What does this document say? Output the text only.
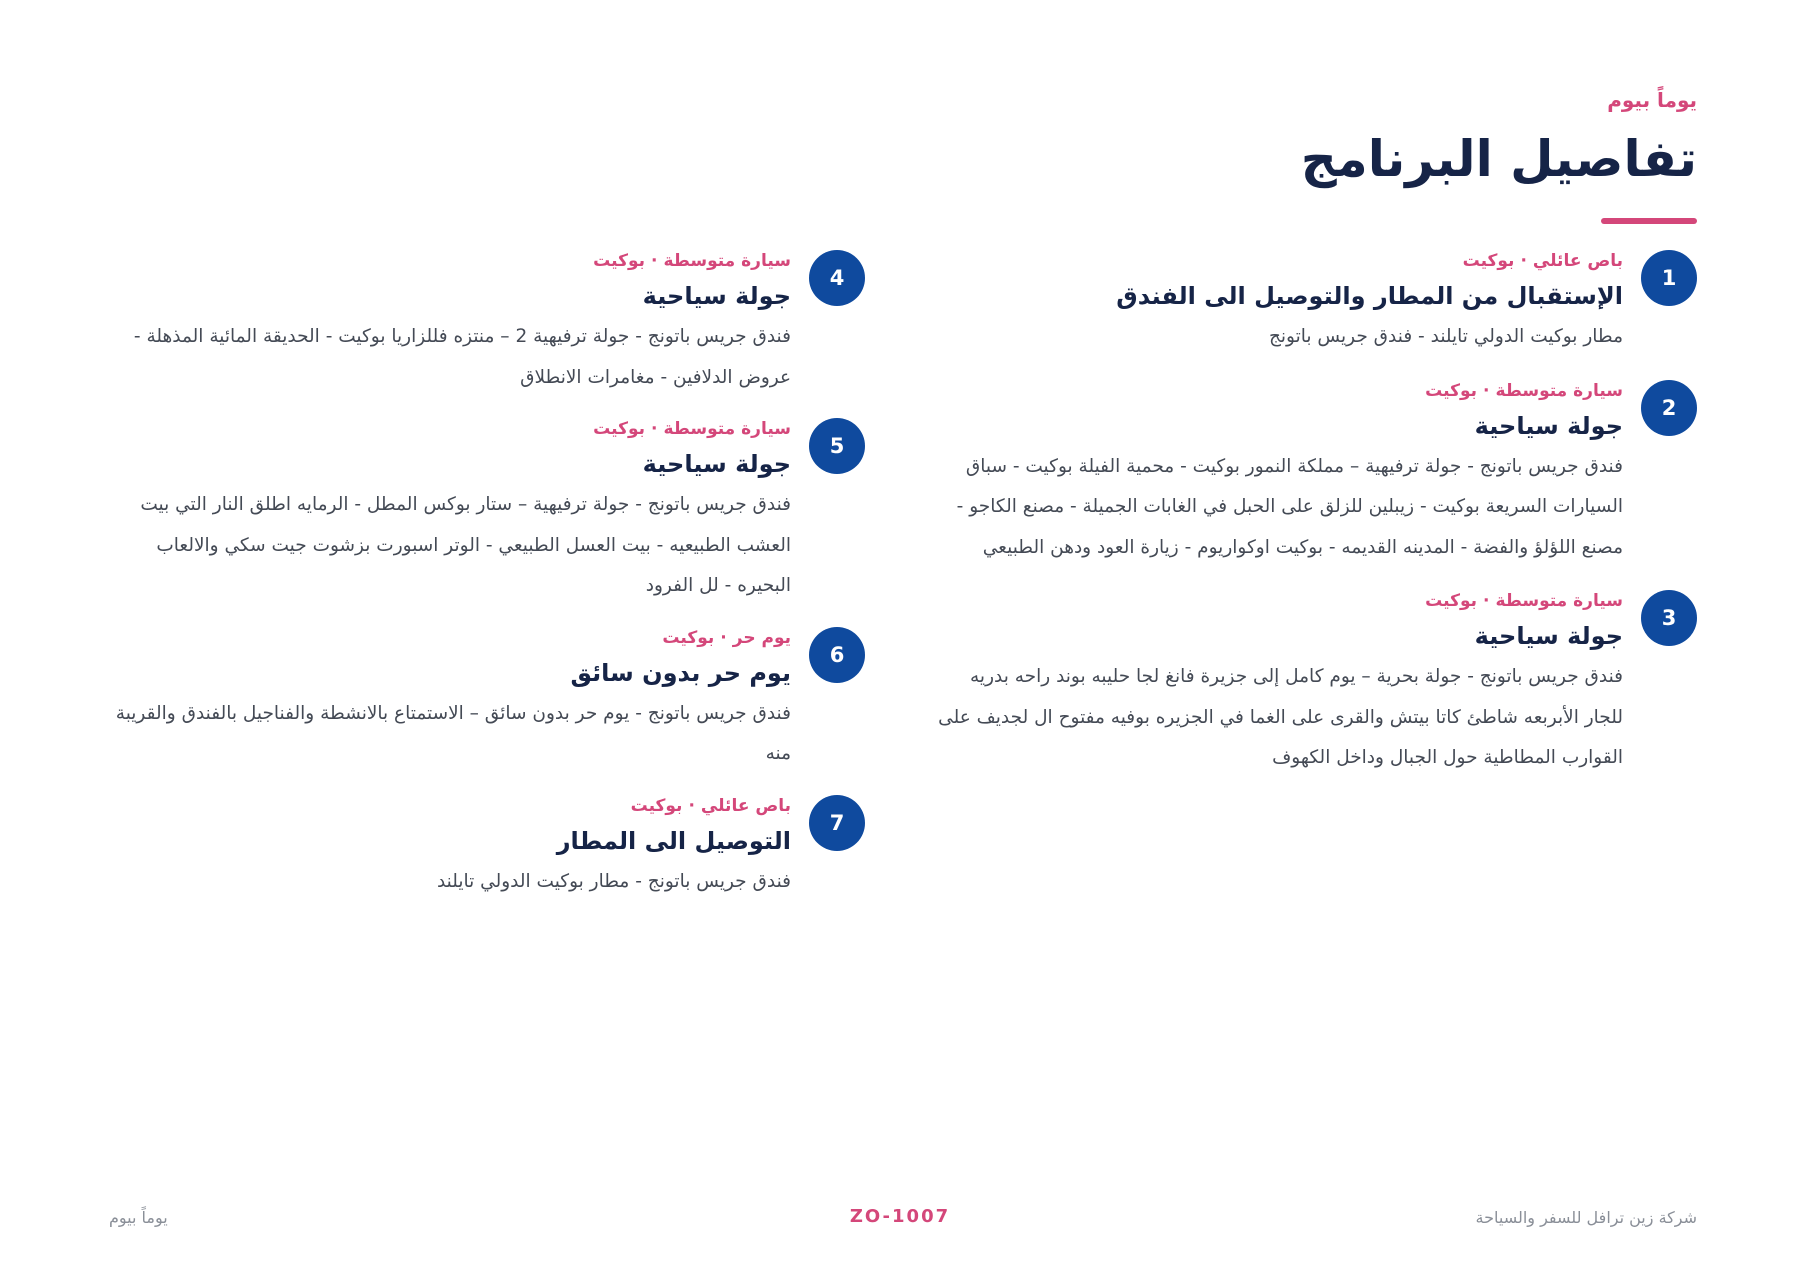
يوماً بيوم
تفاصيل البرنامج
1
باص عائلي·بوكيت
الإستقبال من المطار والتوصيل الى الفندق
مطار بوكيت الدولي تايلند - فندق جريس باتونج
2
سيارة متوسطة·بوكيت
جولة سياحية
فندق جريس باتونج - جولة ترفيهية – مملكة النمور بوكيت - محمية الفيلة بوكيت - سباق السيارات السريعة بوكيت - زيبلين للزلق على الحبل في الغابات الجميلة - مصنع الكاجو - مصنع اللؤلؤ والفضة - المدينه القديمه - بوكيت اوكواريوم - زيارة العود ودهن الطبيعي
3
سيارة متوسطة·بوكيت
جولة سياحية
فندق جريس باتونج - جولة بحرية – يوم كامل إلى جزيرة فانغ لجا حليبه بوند راحه بدريه للجار الأبربعه شاطئ كاتا بيتش والقرى على الغما في الجزيره بوفيه مفتوح ال لجديف على القوارب المطاطية حول الجبال وداخل الكهوف
4
سيارة متوسطة·بوكيت
جولة سياحية
فندق جريس باتونج - جولة ترفيهية 2 – منتزه فللزاريا بوكيت - الحديقة المائية المذهلة - عروض الدلافين - مغامرات الانطلاق
5
سيارة متوسطة·بوكيت
جولة سياحية
فندق جريس باتونج - جولة ترفيهية – ستار بوكس المطل - الرمايه اطلق النار التي بيت العشب الطبيعيه - بيت العسل الطبيعي - الوتر اسبورت بزشوت جيت سكي والالعاب البحيره - لل الفرود
6
يوم حر·بوكيت
يوم حر بدون سائق
فندق جريس باتونج - يوم حر بدون سائق – الاستمتاع بالانشطة والفناجيل بالفندق والقريبة منه
7
باص عائلي·بوكيت
التوصيل الى المطار
فندق جريس باتونج - مطار بوكيت الدولي تايلند
شركة زين ترافل للسفر والسياحة
ZO-1007
يوماً بيوم
